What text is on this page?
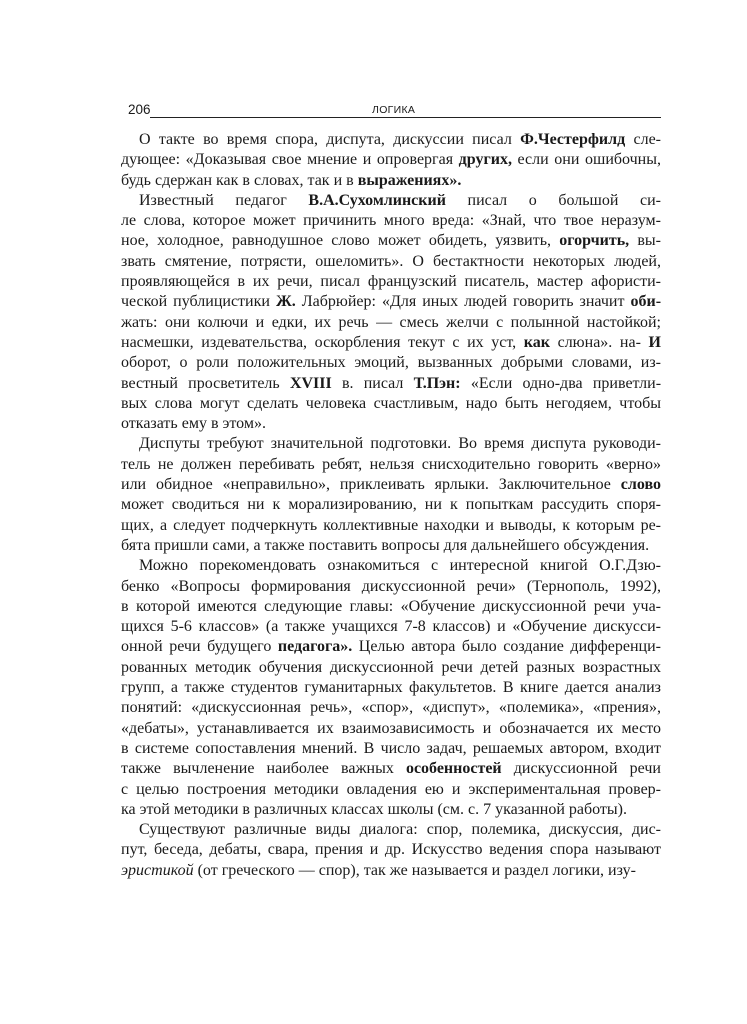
206	ЛОГИКА
О такте во время спора, диспута, дискуссии писал Ф.Честерфилд сле-
дующее: «Доказывая свое мнение и опровергая других, если они ошибочны,
будь сдержан как в словах, так и в выражениях».
Известный педагог В.А.Сухомлинский писал о большой си-
ле слова, которое может причинить много вреда: «Знай, что твое неразум-
ное, холодное, равнодушное слово может обидеть, уязвить, огорчить, вы-
звать смятение, потрясти, ошеломить». О бестактности некоторых людей,
проявляющейся в их речи, писал французский писатель, мастер афористи-
ческой публицистики Ж. Лабрюйер: «Для иных людей говорить значит оби-
жать: они колючи и едки, их речь — смесь желчи с полынной настойкой;
насмешки, издевательства, оскорбления текут с их уст, как слюна». на- И
оборот, о роли положительных эмоций, вызванных добрыми словами, из-
вестный просветитель XVIII в. писал Т.Пэн: «Если одно-два приветли-
вых слова могут сделать человека счастливым, надо быть негодяем, чтобы
отказать ему в этом».
Диспуты требуют значительной подготовки. Во время диспута руководи-
тель не должен перебивать ребят, нельзя снисходительно говорить «верно»
или обидное «неправильно», приклеивать ярлыки. Заключительное слово
может сводиться ни к морализированию, ни к попыткам рассудить споря-
щих, а следует подчеркнуть коллективные находки и выводы, к которым ре-
бята пришли сами, а также поставить вопросы для дальнейшего обсуждения.
Можно порекомендовать ознакомиться с интересной книгой О.Г.Дзю-
бенко «Вопросы формирования дискуссионной речи» (Тернополь, 1992),
в которой имеются следующие главы: «Обучение дискуссионной речи уча-
щихся 5-6 классов» (а также учащихся 7-8 классов) и «Обучение дискусси-
онной речи будущего педагога». Целью автора было создание дифференци-
рованных методик обучения дискуссионной речи детей разных возрастных
групп, а также студентов гуманитарных факультетов. В книге дается анализ
понятий: «дискуссионная речь», «спор», «диспут», «полемика», «прения»,
«дебаты», устанавливается их взаимозависимость и обозначается их место
в системе сопоставления мнений. В число задач, решаемых автором, входит
также вычленение наиболее важных особенностей дискуссионной речи
с целью построения методики овладения ею и экспериментальная провер-
ка этой методики в различных классах школы (см. с. 7 указанной работы).
Существуют различные виды диалога: спор, полемика, дискуссия, дис-
пут, беседа, дебаты, свара, прения и др. Искусство ведения спора называют
эристикой (от греческого — спор), так же называется и раздел логики, изу-
